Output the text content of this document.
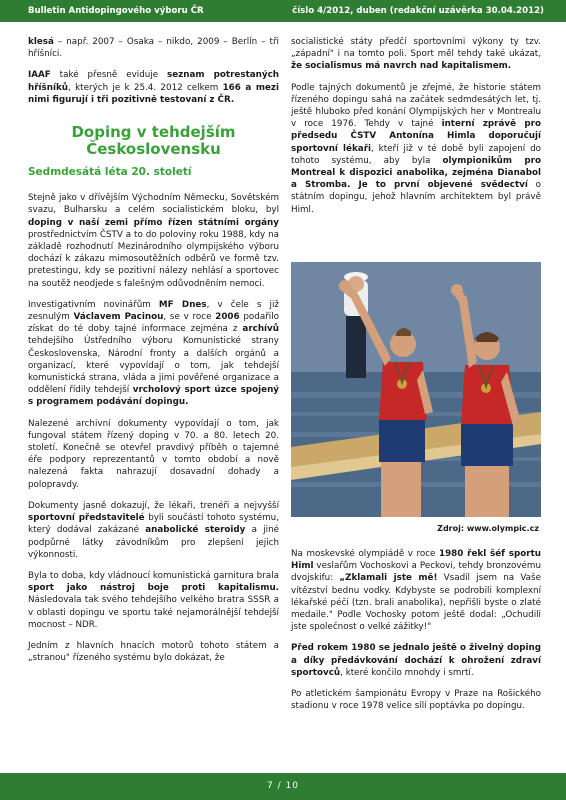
Bulletin Antidopingového výboru ČR	číslo 4/2012, duben (redakční uzávěrka 30.04.2012)

klesá – např. 2007 – Osaka – nikdo, 2009 – Berlín – tři hříšníci.

IAAF také přesně eviduje seznam potrestaných hříšníků, kterých je k 25.4. 2012 celkem 166 a mezi nimi figurují i tři pozitivně testovaní z ČR.

Doping v tehdejším Československu
Sedmdesátá léta 20. století

Stejně jako v dřívějším Východním Německu, Sovětském svazu, Bulharsku a celém socialistickém bloku, byl doping v naší zemi přímo řízen státními orgány prostřednictvím ČSTV a to do poloviny roku 1988, kdy na základě rozhodnutí Mezinárodního olympijského výboru dochází k zákazu mimosoutěžních odběrů ve formě tzv. pretestingu, kdy se pozitivní nálezy nehlásí a sportovec na soutěž neodjede s falešným odůvodněním nemoci.

Investigativním novinářům MF Dnes, v čele s již zesnulým Václavem Pacinou, se v roce 2006 podařilo získat do té doby tajné informace zejména z archívů tehdejšího Ústředního výboru Komunistické strany Československa, Národní fronty a dalších orgánů a organizací, které vypovídají o tom, jak tehdejší komunistická strana, vláda a jimi pověřené organizace a oddělení řídily tehdejší vrcholový sport úzce spojený s programem podávání dopingu.

Nalezené archivní dokumenty vypovídají o tom, jak fungoval státem řízený doping v 70. a 80. letech 20. století. Konečně se otevřel pravdivý příběh o tajemné éře podpory reprezentantů v tomto období a nově nalezená fakta nahrazují dosavadní dohady a polopravdy.

Dokumenty jasně dokazují, že lékaři, trenéři a nejvyšší sportovní představitelé byli součástí tohoto systému, který dodával zakázané anabolické steroidy a jiné podpůrné látky závodníkům pro zlepšení jejich výkonnosti.

Byla to doba, kdy vládnoucí komunistická garnitura brala sport jako nástroj boje proti kapitalismu. Následovala tak svého tehdejšího velkého bratra SSSR a v oblasti dopingu ve sportu také nejamorálnější tehdejší mocnost – NDR.

Jedním z hlavních hnacích motorů tohoto státem a „stranou" řízeného systému bylo dokázat, že

socialistické státy předčí sportovními výkony ty tzv. „západní" i na tomto poli. Sport měl tehdy také ukázat, že socialismus má navrch nad kapitalismem.

Podle tajných dokumentů je zřejmé, že historie státem řízeného dopingu sahá na začátek sedmdesátých let, tj. ještě hluboko před konání Olympijských her v Montrealu v roce 1976. Tehdy v tajné interní zprávě pro předsedu ČSTV Antonína Himla doporučují sportovní lékaři, kteří již v té době byli zapojení do tohoto systému, aby byla olympionikům pro Montreal k dispozici anabolika, zejména Dianabol a Stromba. Je to první objevené svědectví o státním dopingu, jehož hlavním architektem byl právě Himl.

Zdroj: www.olympic.cz

Na moskevské olympiádě v roce 1980 řekl šéf sportu Himl veslařům Vochoskovi a Peckovi, tehdy bronzovému dvojskifu: „Zklamali jste mě! Vsadil jsem na Vaše vítězství bednu vodky. Kdybyste se podrobili komplexní lékařské péči (tzn. brali anabolika), nepřišli byste o zlaté medaile." Podle Vochosky potom ještě dodal: „Ochudili jste společnost o velké zážitky!"

Před rokem 1980 se jednalo ještě o živelný doping a díky předávkování dochází k ohrožení zdraví sportovců, které končilo mnohdy i smrtí.

Po atletickém šampionátu Evropy v Praze na Rošického stadionu v roce 1978 velice sílí poptávka po dopingu.

7 / 10
